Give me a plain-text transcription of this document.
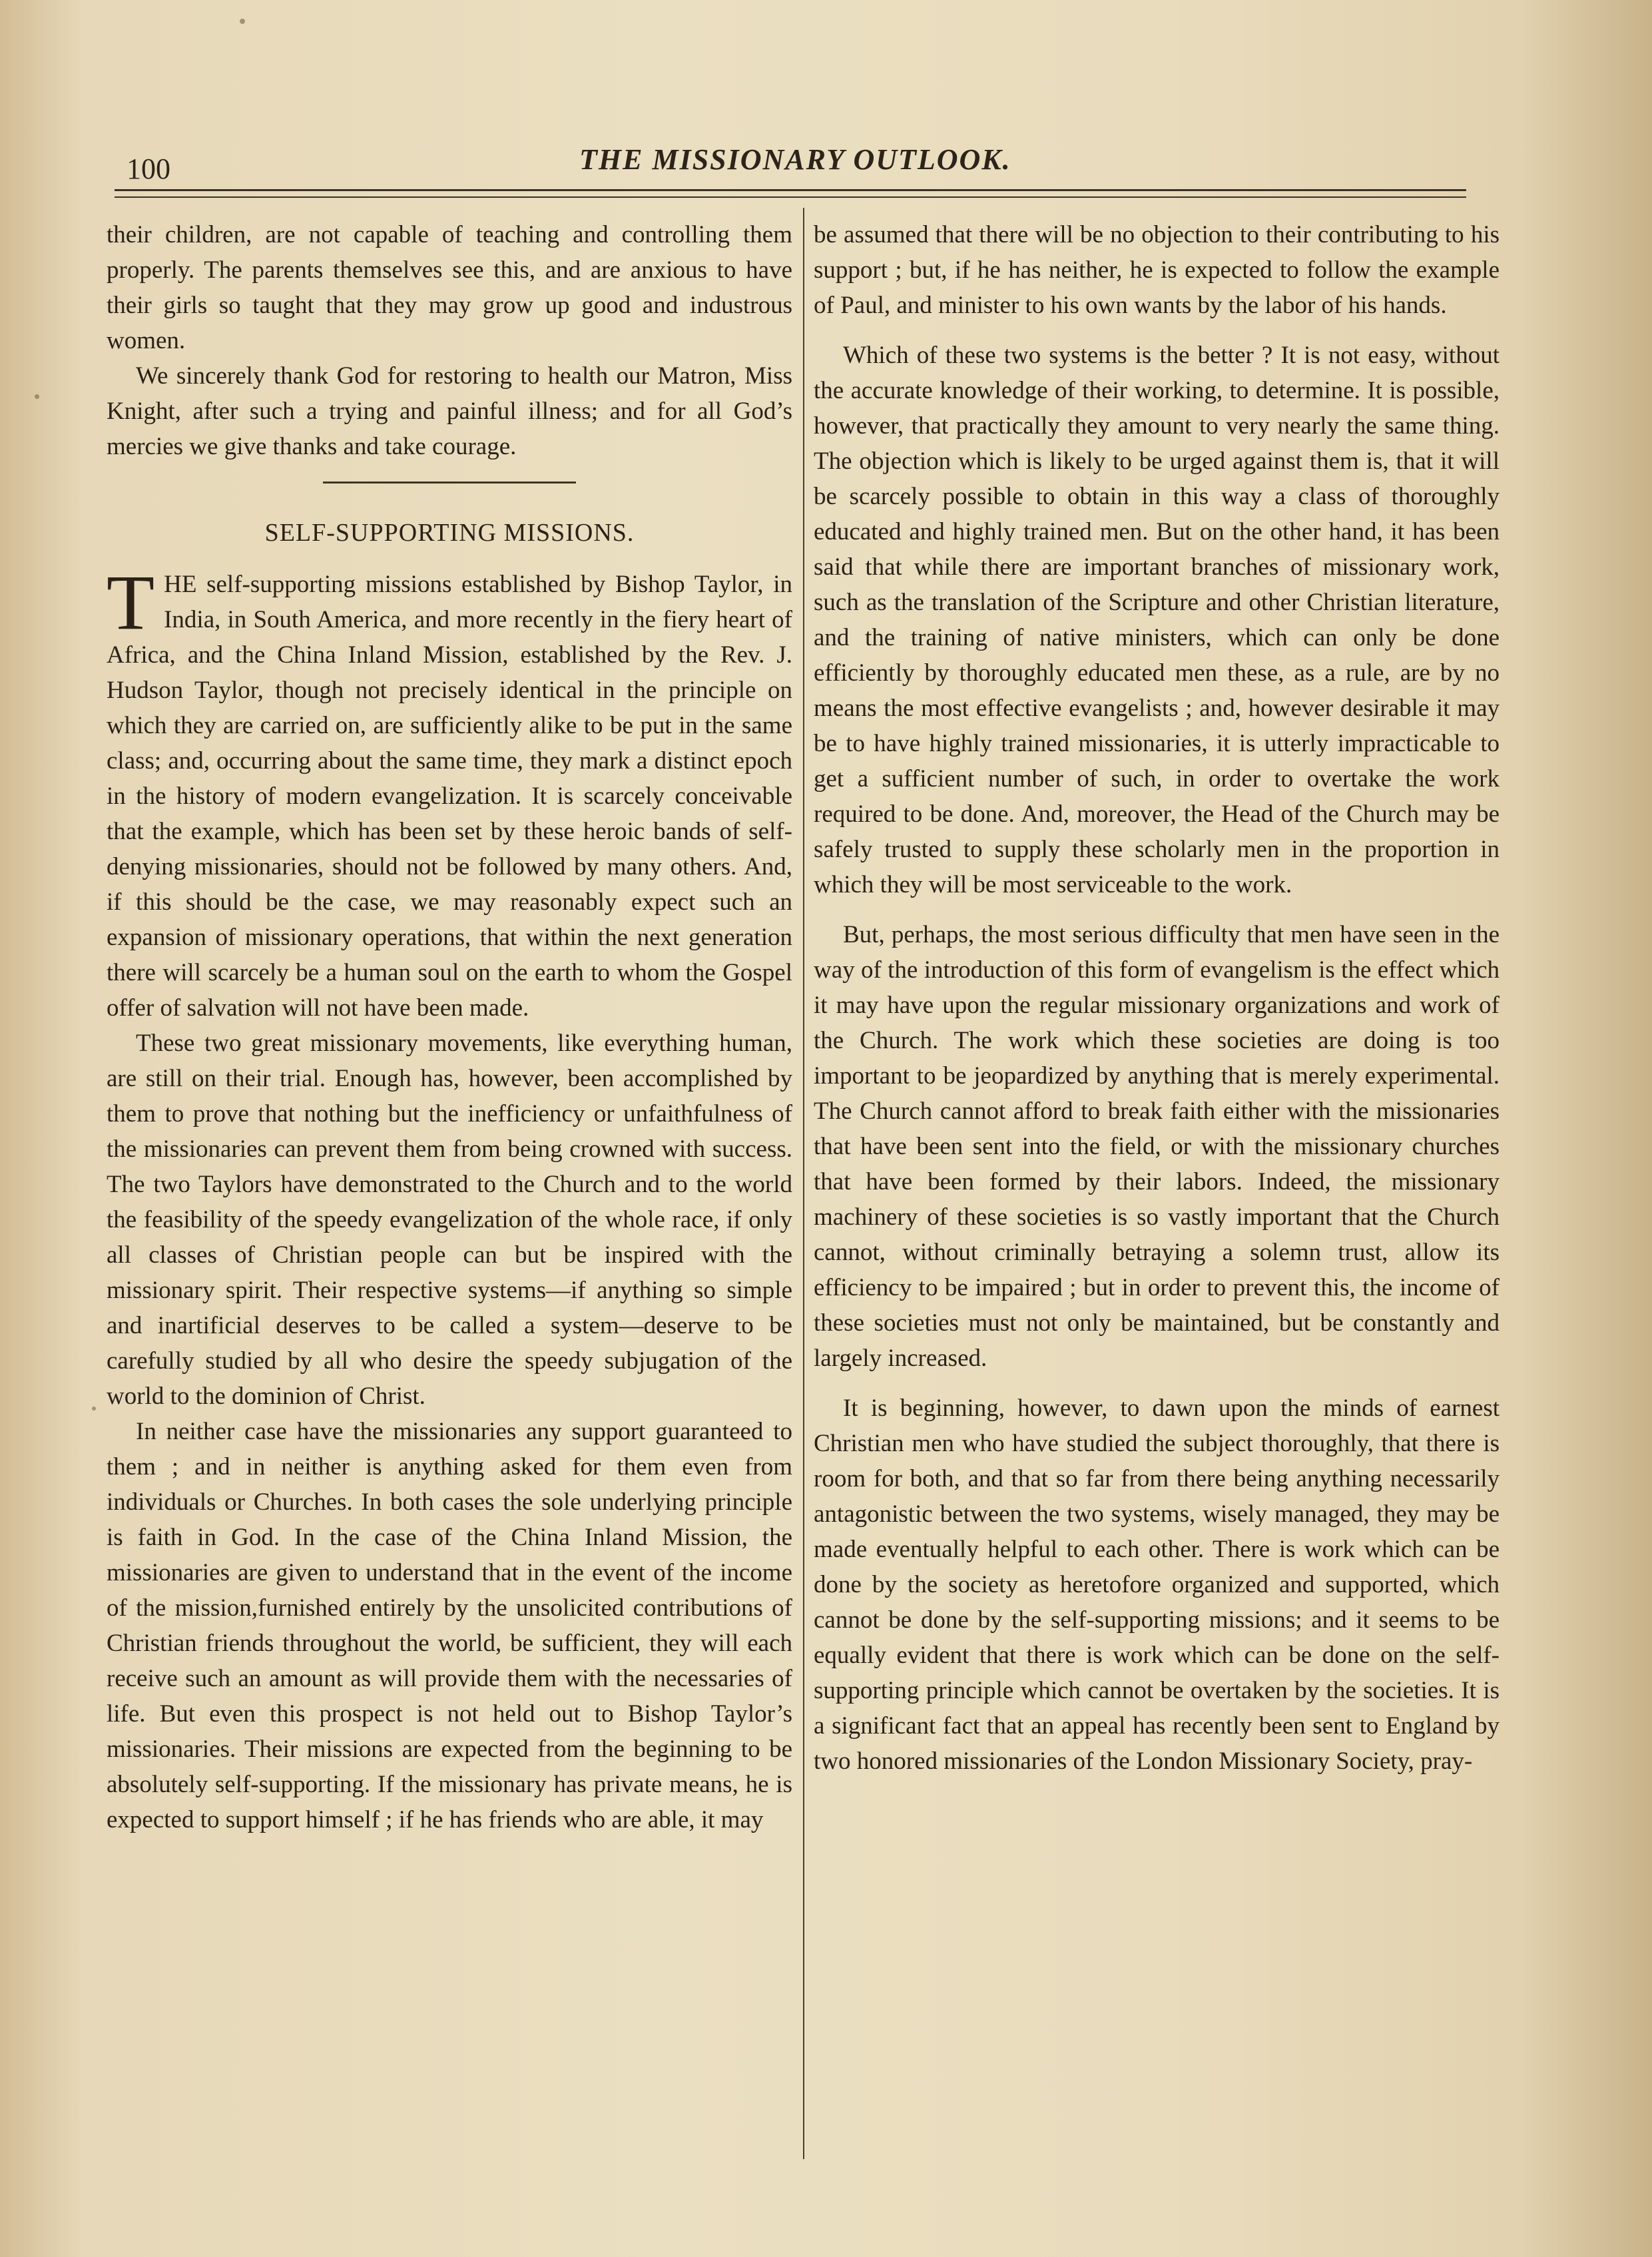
100	THE MISSIONARY OUTLOOK.

their children, are not capable of teaching and controlling them properly. The parents themselves see this, and are anxious to have their girls so taught that they may grow up good and industrous women.

We sincerely thank God for restoring to health our Matron, Miss Knight, after such a trying and painful illness; and for all God’s mercies we give thanks and take courage.

SELF-SUPPORTING MISSIONS.

THE self-supporting missions established by Bishop Taylor, in India, in South America, and more recently in the fiery heart of Africa, and the China Inland Mission, established by the Rev. J. Hudson Taylor, though not precisely identical in the principle on which they are carried on, are sufficiently alike to be put in the same class; and, occurring about the same time, they mark a distinct epoch in the history of modern evangelization. It is scarcely conceivable that the example, which has been set by these heroic bands of self-denying missionaries, should not be followed by many others. And, if this should be the case, we may reasonably expect such an expansion of missionary operations, that within the next generation there will scarcely be a human soul on the earth to whom the Gospel offer of salvation will not have been made.

These two great missionary movements, like everything human, are still on their trial. Enough has, however, been accomplished by them to prove that nothing but the inefficiency or unfaithfulness of the missionaries can prevent them from being crowned with success. The two Taylors have demonstrated to the Church and to the world the feasibility of the speedy evangelization of the whole race, if only all classes of Christian people can but be inspired with the missionary spirit. Their respective systems—if anything so simple and inartificial deserves to be called a system—deserve to be carefully studied by all who desire the speedy subjugation of the world to the dominion of Christ.

In neither case have the missionaries any support guaranteed to them ; and in neither is anything asked for them even from individuals or Churches. In both cases the sole underlying principle is faith in God. In the case of the China Inland Mission, the missionaries are given to understand that in the event of the income of the mission,furnished entirely by the unsolicited contributions of Christian friends throughout the world, be sufficient, they will each receive such an amount as will provide them with the necessaries of life. But even this prospect is not held out to Bishop Taylor’s missionaries. Their missions are expected from the beginning to be absolutely self-supporting. If the missionary has private means, he is expected to support himself ; if he has friends who are able, it may

be assumed that there will be no objection to their contributing to his support ; but, if he has neither, he is expected to follow the example of Paul, and minister to his own wants by the labor of his hands.

Which of these two systems is the better ? It is not easy, without the accurate knowledge of their working, to determine. It is possible, however, that practically they amount to very nearly the same thing. The objection which is likely to be urged against them is, that it will be scarcely possible to obtain in this way a class of thoroughly educated and highly trained men. But on the other hand, it has been said that while there are important branches of missionary work, such as the translation of the Scripture and other Christian literature, and the training of native ministers, which can only be done efficiently by thoroughly educated men these, as a rule, are by no means the most effective evangelists ; and, however desirable it may be to have highly trained missionaries, it is utterly impracticable to get a sufficient number of such, in order to overtake the work required to be done. And, moreover, the Head of the Church may be safely trusted to supply these scholarly men in the proportion in which they will be most serviceable to the work.

But, perhaps, the most serious difficulty that men have seen in the way of the introduction of this form of evangelism is the effect which it may have upon the regular missionary organizations and work of the Church. The work which these societies are doing is too important to be jeopardized by anything that is merely experimental. The Church cannot afford to break faith either with the missionaries that have been sent into the field, or with the missionary churches that have been formed by their labors. Indeed, the missionary machinery of these societies is so vastly important that the Church cannot, without criminally betraying a solemn trust, allow its efficiency to be impaired ; but in order to prevent this, the income of these societies must not only be maintained, but be constantly and largely increased.

It is beginning, however, to dawn upon the minds of earnest Christian men who have studied the subject thoroughly, that there is room for both, and that so far from there being anything necessarily antagonistic between the two systems, wisely managed, they may be made eventually helpful to each other. There is work which can be done by the society as heretofore organized and supported, which cannot be done by the self-supporting missions; and it seems to be equally evident that there is work which can be done on the self-supporting principle which cannot be overtaken by the societies. It is a significant fact that an appeal has recently been sent to England by two honored missionaries of the London Missionary Society, pray-
